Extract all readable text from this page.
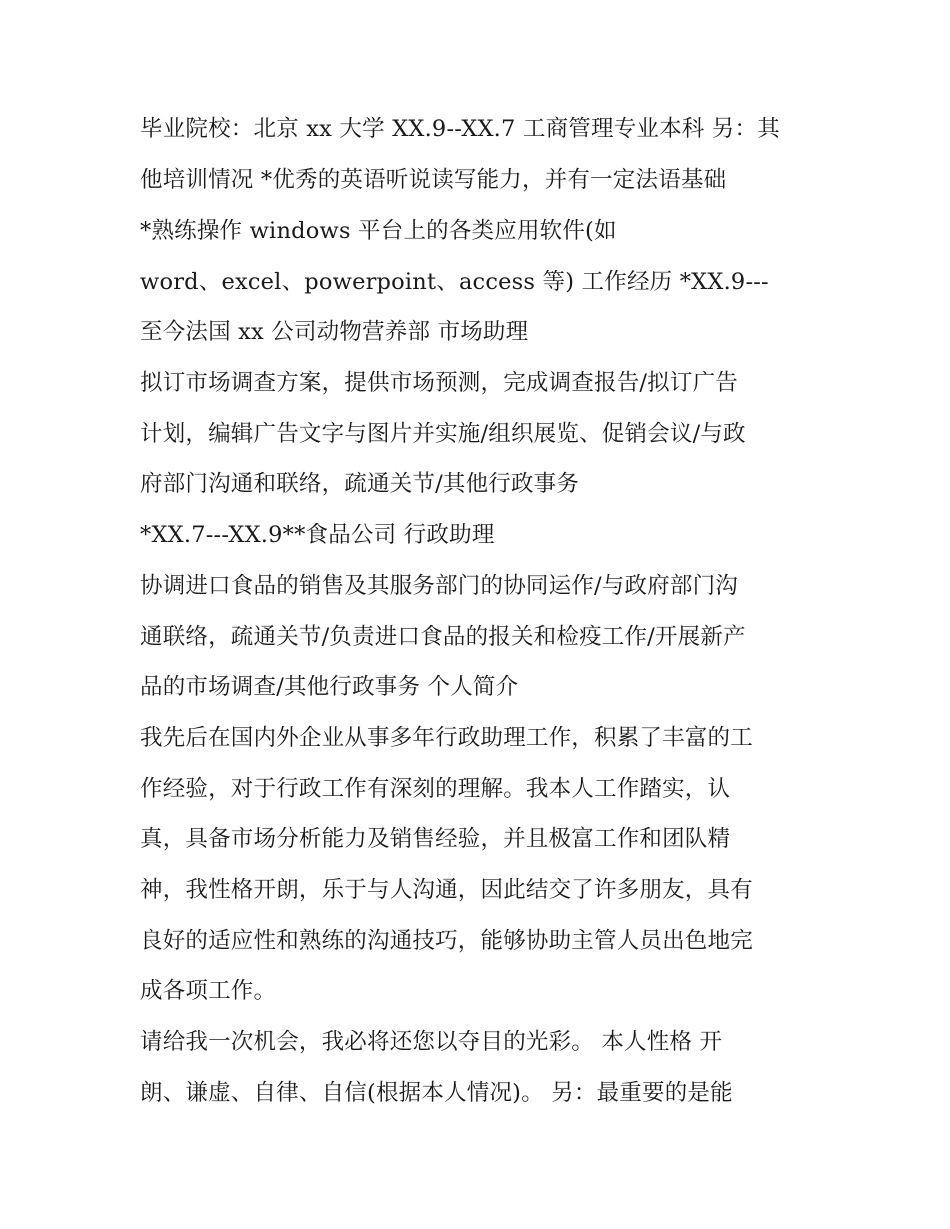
毕业院校：北京 xx 大学 XX.9--XX.7 工商管理专业本科 另：其
他培训情况 *优秀的英语听说读写能力，并有一定法语基础
*熟练操作 windows 平台上的各类应用软件(如
word、excel、powerpoint、access 等) 工作经历 *XX.9---
至今法国 xx 公司动物营养部 市场助理
拟订市场调查方案，提供市场预测，完成调查报告/拟订广告
计划，编辑广告文字与图片并实施/组织展览、促销会议/与政
府部门沟通和联络，疏通关节/其他行政事务
*XX.7---XX.9**食品公司 行政助理
协调进口食品的销售及其服务部门的协同运作/与政府部门沟
通联络，疏通关节/负责进口食品的报关和检疫工作/开展新产
品的市场调查/其他行政事务 个人简介
我先后在国内外企业从事多年行政助理工作，积累了丰富的工
作经验，对于行政工作有深刻的理解。我本人工作踏实，认
真，具备市场分析能力及销售经验，并且极富工作和团队精
神，我性格开朗，乐于与人沟通，因此结交了许多朋友，具有
良好的适应性和熟练的沟通技巧，能够协助主管人员出色地完
成各项工作。
请给我一次机会，我必将还您以夺目的光彩。 本人性格 开
朗、谦虚、自律、自信(根据本人情况)。 另：最重要的是能
